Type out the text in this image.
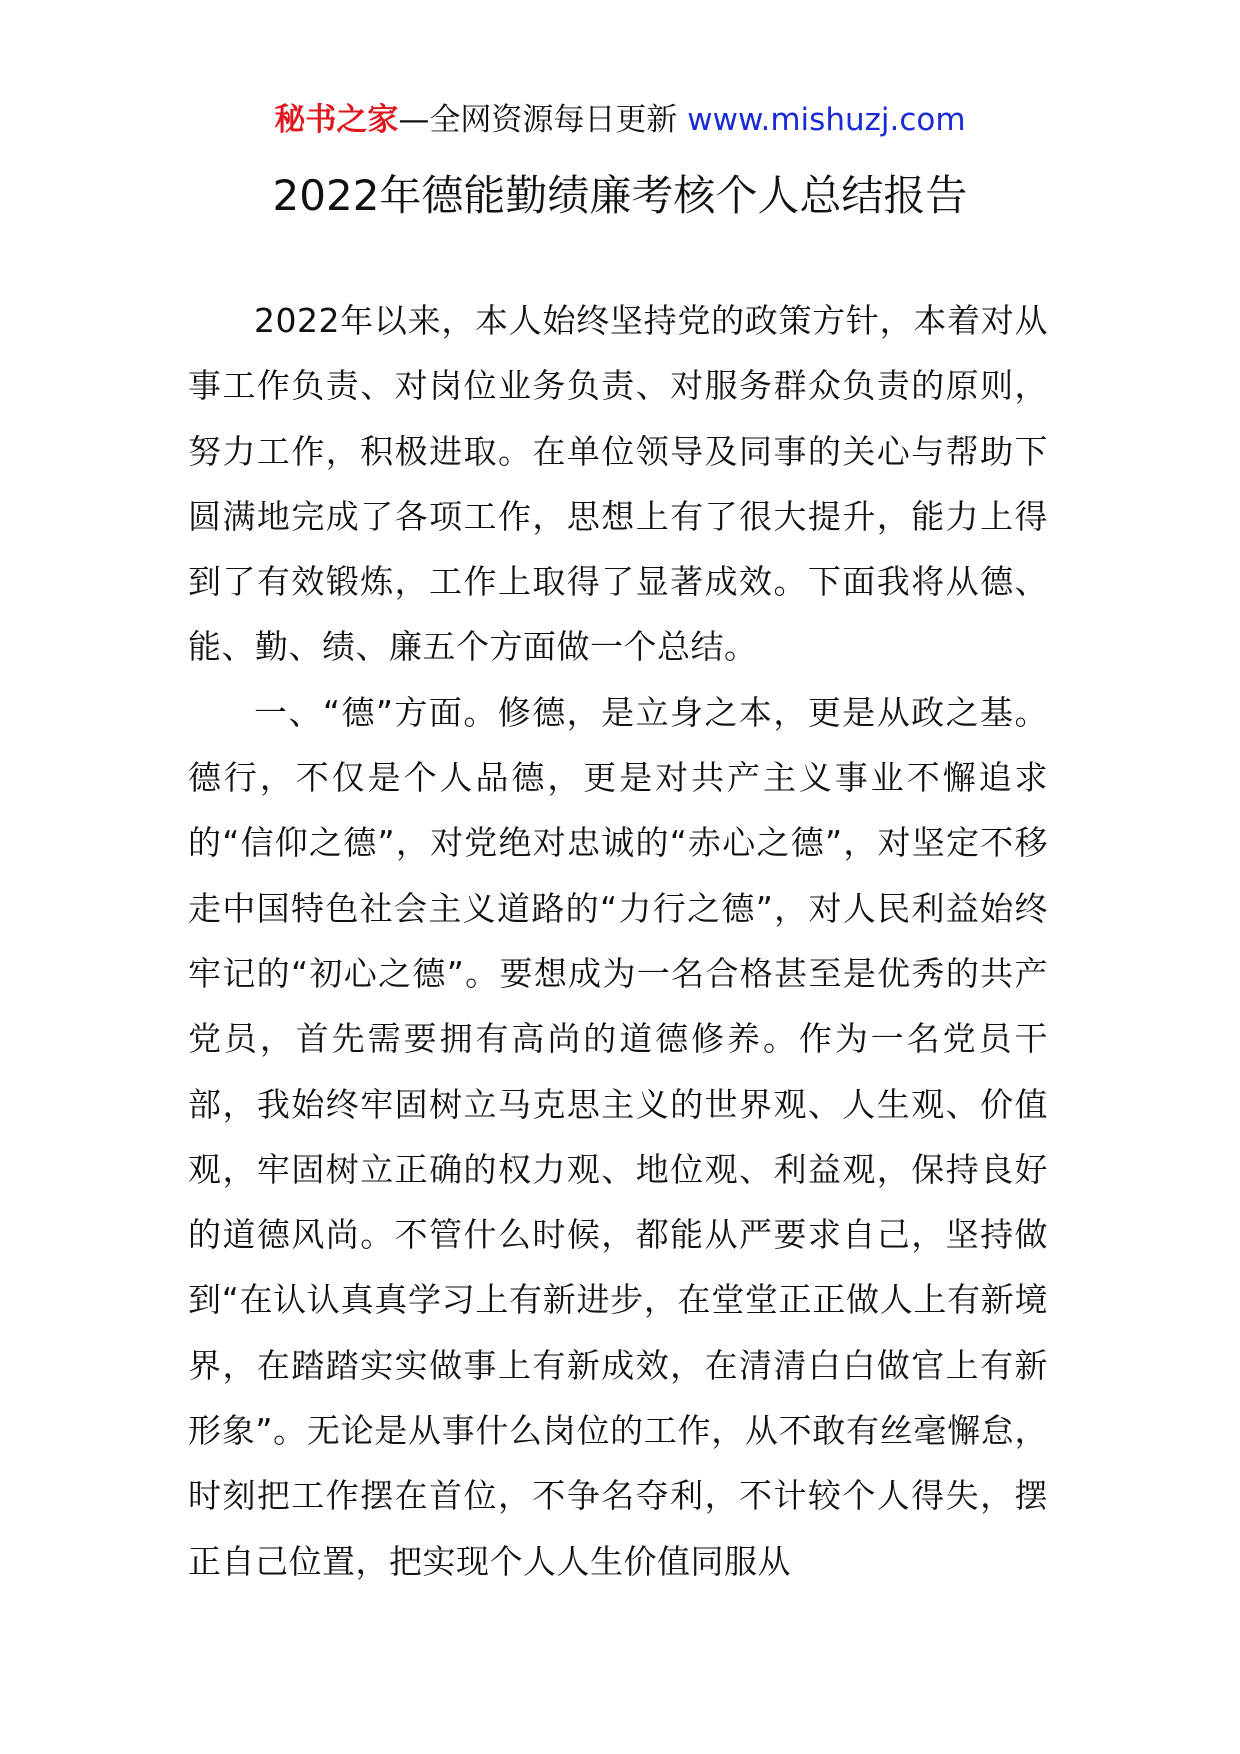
秘书之家—全网资源每日更新 www.mishuzj.com
2022年德能勤绩廉考核个人总结报告

2022年以来，本人始终坚持党的政策方针，本着对从事工作负责、对岗位业务负责、对服务群众负责的原则，努力工作，积极进取。在单位领导及同事的关心与帮助下圆满地完成了各项工作，思想上有了很大提升，能力上得到了有效锻炼，工作上取得了显著成效。下面我将从德、能、勤、绩、廉五个方面做一个总结。

一、“德”方面。修德，是立身之本，更是从政之基。德行，不仅是个人品德，更是对共产主义事业不懈追求的“信仰之德”，对党绝对忠诚的“赤心之德”，对坚定不移走中国特色社会主义道路的“力行之德”，对人民利益始终牢记的“初心之德”。要想成为一名合格甚至是优秀的共产党员，首先需要拥有高尚的道德修养。作为一名党员干部，我始终牢固树立马克思主义的世界观、人生观、价值观，牢固树立正确的权力观、地位观、利益观，保持良好的道德风尚。不管什么时候，都能从严要求自己，坚持做到“在认认真真学习上有新进步，在堂堂正正做人上有新境界，在踏踏实实做事上有新成效，在清清白白做官上有新形象”。无论是从事什么岗位的工作，从不敢有丝毫懈怠，时刻把工作摆在首位，不争名夺利，不计较个人得失，摆正自己位置，把实现个人人生价值同服从
